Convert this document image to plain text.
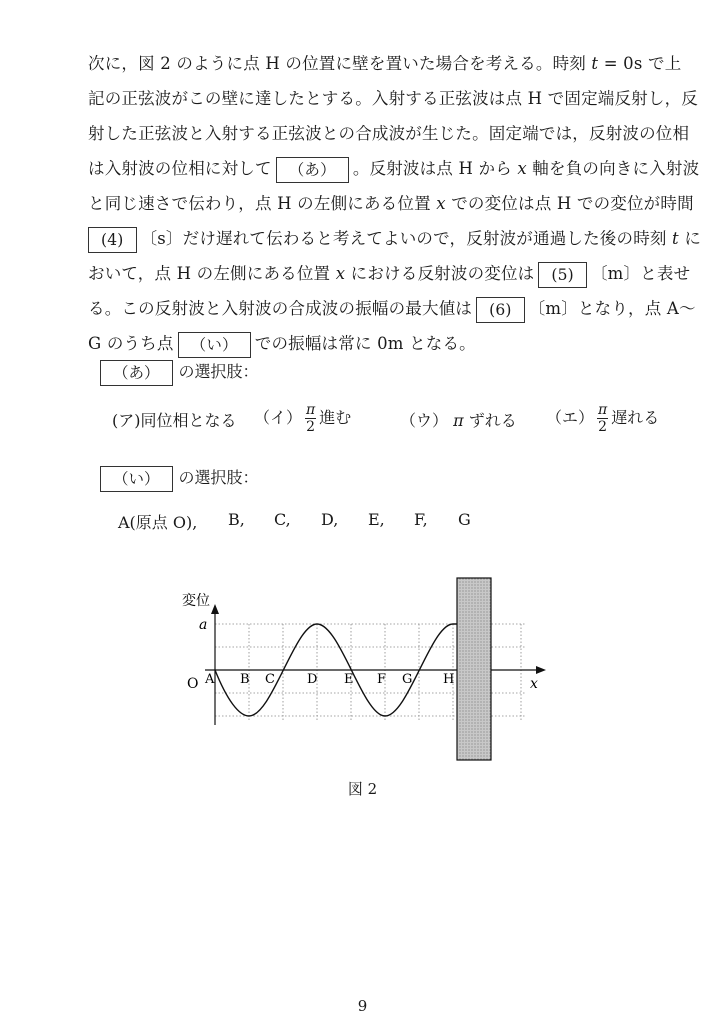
次に，図 2 のように点 H の位置に壁を置いた場合を考える。時刻 t = 0s で上
記の正弦波がこの壁に達したとする。入射する正弦波は点 H で固定端反射し，反
射した正弦波と入射する正弦波との合成波が生じた。固定端では，反射波の位相
は入射波の位相に対して （あ） 。反射波は点 H から x 軸を負の向きに入射波
と同じ速さで伝わり，点 H の左側にある位置 x での変位は点 H での変位が時間
(4) 〔s〕だけ遅れて伝わると考えてよいので，反射波が通過した後の時刻 t に
おいて，点 H の左側にある位置 x における反射波の変位は (5) 〔m〕と表せ
る。この反射波と入射波の合成波の振幅の最大値は (6) 〔m〕となり，点 A～
G のうち点 （い） での振幅は常に 0m となる。
（あ） の選択肢：
(ア)同位相となる （イ） $\frac{\pi}{2}$ 進む	（ウ） π ずれる （エ） $\frac{\pi}{2}$ 遅れる
（い） の選択肢：
A(原点 O), B, C, D, E, F, G
変位
a
O	x
A B C D E F G H
図 2
9
